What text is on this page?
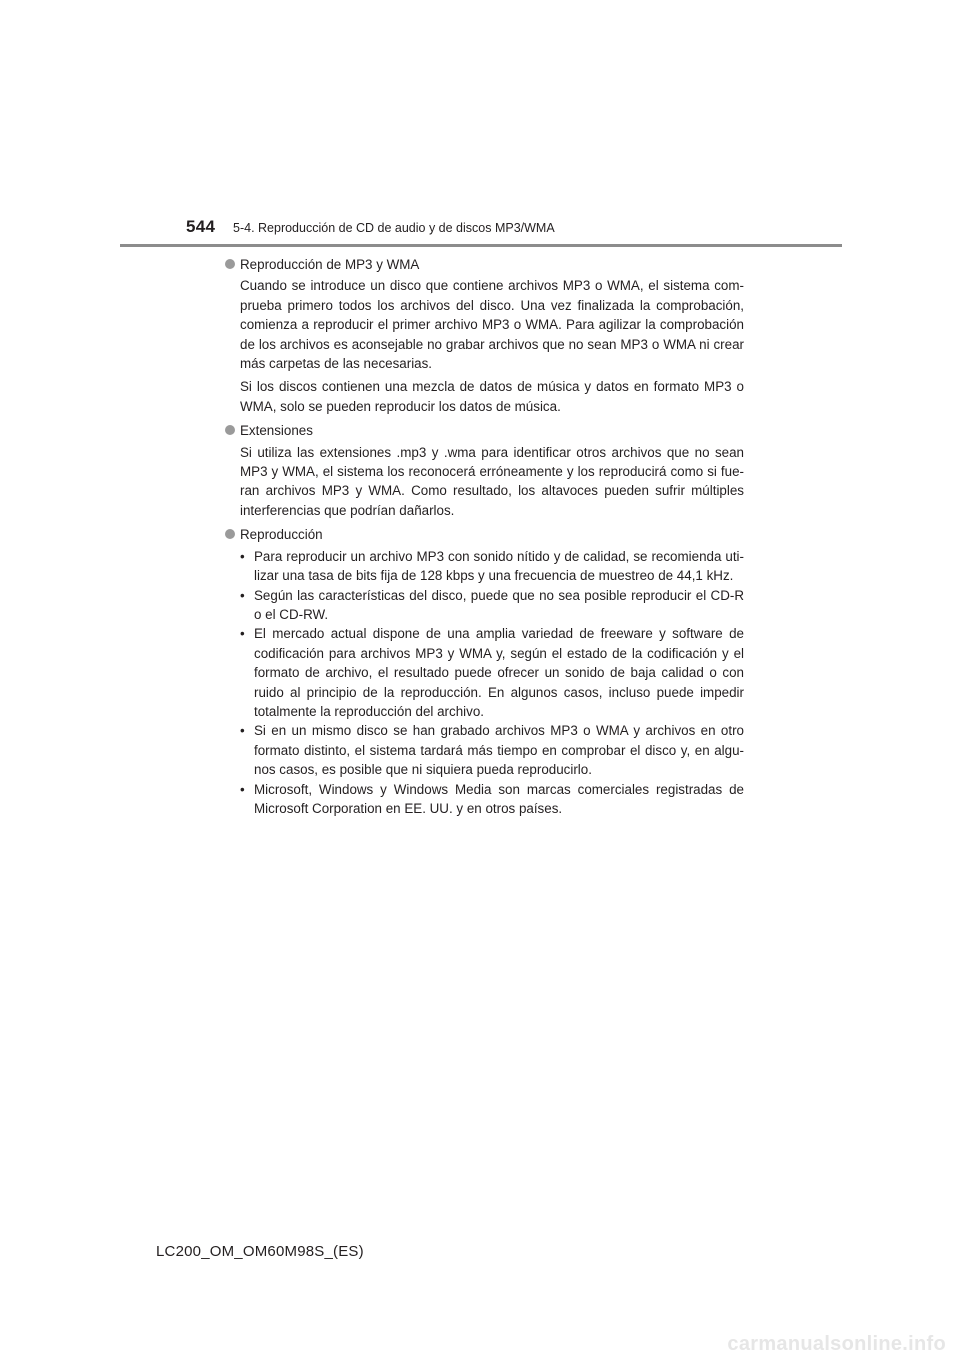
544 5-4. Reproducción de CD de audio y de discos MP3/WMA

Reproducción de MP3 y WMA

Cuando se introduce un disco que contiene archivos MP3 o WMA, el sistema com-prueba primero todos los archivos del disco. Una vez finalizada la comprobación, comienza a reproducir el primer archivo MP3 o WMA. Para agilizar la comprobación de los archivos es aconsejable no grabar archivos que no sean MP3 o WMA ni crear más carpetas de las necesarias.

Si los discos contienen una mezcla de datos de música y datos en formato MP3 o WMA, solo se pueden reproducir los datos de música.

Extensiones

Si utiliza las extensiones .mp3 y .wma para identificar otros archivos que no sean MP3 y WMA, el sistema los reconocerá erróneamente y los reproducirá como si fue-ran archivos MP3 y WMA. Como resultado, los altavoces pueden sufrir múltiples interferencias que podrían dañarlos.

Reproducción

• Para reproducir un archivo MP3 con sonido nítido y de calidad, se recomienda uti-lizar una tasa de bits fija de 128 kbps y una frecuencia de muestreo de 44,1 kHz.
• Según las características del disco, puede que no sea posible reproducir el CD-R o el CD-RW.
• El mercado actual dispone de una amplia variedad de freeware y software de codificación para archivos MP3 y WMA y, según el estado de la codificación y el formato de archivo, el resultado puede ofrecer un sonido de baja calidad o con ruido al principio de la reproducción. En algunos casos, incluso puede impedir totalmente la reproducción del archivo.
• Si en un mismo disco se han grabado archivos MP3 o WMA y archivos en otro formato distinto, el sistema tardará más tiempo en comprobar el disco y, en algu-nos casos, es posible que ni siquiera pueda reproducirlo.
• Microsoft, Windows y Windows Media son marcas comerciales registradas de Microsoft Corporation en EE. UU. y en otros países.
LC200_OM_OM60M98S_(ES)
carmanualsonline.info
